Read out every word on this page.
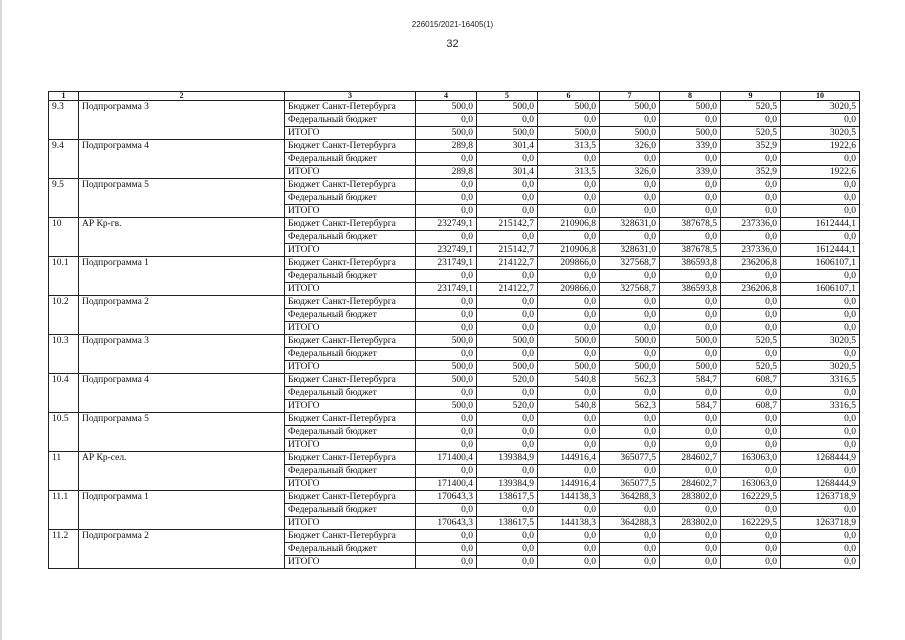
226015/2021-16405(1)
32
1	2	3	4	5	6	7	8	9	10
9.3	Подпрограмма 3	Бюджет Санкт-Петербурга	500,0	500,0	500,0	500,0	500,0	520,5	3020,5
		Федеральный бюджет	0,0	0,0	0,0	0,0	0,0	0,0	0,0
		ИТОГО	500,0	500,0	500,0	500,0	500,0	520,5	3020,5
9.4	Подпрограмма 4	Бюджет Санкт-Петербурга	289,8	301,4	313,5	326,0	339,0	352,9	1922,6
		Федеральный бюджет	0,0	0,0	0,0	0,0	0,0	0,0	0,0
		ИТОГО	289,8	301,4	313,5	326,0	339,0	352,9	1922,6
9.5	Подпрограмма 5	Бюджет Санкт-Петербурга	0,0	0,0	0,0	0,0	0,0	0,0	0,0
		Федеральный бюджет	0,0	0,0	0,0	0,0	0,0	0,0	0,0
		ИТОГО	0,0	0,0	0,0	0,0	0,0	0,0	0,0
10	АР Кр-гв.	Бюджет Санкт-Петербурга	232749,1	215142,7	210906,8	328631,0	387678,5	237336,0	1612444,1
		Федеральный бюджет	0,0	0,0	0,0	0,0	0,0	0,0	0,0
		ИТОГО	232749,1	215142,7	210906,8	328631,0	387678,5	237336,0	1612444,1
10.1	Подпрограмма 1	Бюджет Санкт-Петербурга	231749,1	214122,7	209866,0	327568,7	386593,8	236206,8	1606107,1
		Федеральный бюджет	0,0	0,0	0,0	0,0	0,0	0,0	0,0
		ИТОГО	231749,1	214122,7	209866,0	327568,7	386593,8	236206,8	1606107,1
10.2	Подпрограмма 2	Бюджет Санкт-Петербурга	0,0	0,0	0,0	0,0	0,0	0,0	0,0
		Федеральный бюджет	0,0	0,0	0,0	0,0	0,0	0,0	0,0
		ИТОГО	0,0	0,0	0,0	0,0	0,0	0,0	0,0
10.3	Подпрограмма 3	Бюджет Санкт-Петербурга	500,0	500,0	500,0	500,0	500,0	520,5	3020,5
		Федеральный бюджет	0,0	0,0	0,0	0,0	0,0	0,0	0,0
		ИТОГО	500,0	500,0	500,0	500,0	500,0	520,5	3020,5
10.4	Подпрограмма 4	Бюджет Санкт-Петербурга	500,0	520,0	540,8	562,3	584,7	608,7	3316,5
		Федеральный бюджет	0,0	0,0	0,0	0,0	0,0	0,0	0,0
		ИТОГО	500,0	520,0	540,8	562,3	584,7	608,7	3316,5
10.5	Подпрограмма 5	Бюджет Санкт-Петербурга	0,0	0,0	0,0	0,0	0,0	0,0	0,0
		Федеральный бюджет	0,0	0,0	0,0	0,0	0,0	0,0	0,0
		ИТОГО	0,0	0,0	0,0	0,0	0,0	0,0	0,0
11	АР Кр-сел.	Бюджет Санкт-Петербурга	171400,4	139384,9	144916,4	365077,5	284602,7	163063,0	1268444,9
		Федеральный бюджет	0,0	0,0	0,0	0,0	0,0	0,0	0,0
		ИТОГО	171400,4	139384,9	144916,4	365077,5	284602,7	163063,0	1268444,9
11.1	Подпрограмма 1	Бюджет Санкт-Петербурга	170643,3	138617,5	144138,3	364288,3	283802,0	162229,5	1263718,9
		Федеральный бюджет	0,0	0,0	0,0	0,0	0,0	0,0	0,0
		ИТОГО	170643,3	138617,5	144138,3	364288,3	283802,0	162229,5	1263718,9
11.2	Подпрограмма 2	Бюджет Санкт-Петербурга	0,0	0,0	0,0	0,0	0,0	0,0	0,0
		Федеральный бюджет	0,0	0,0	0,0	0,0	0,0	0,0	0,0
		ИТОГО	0,0	0,0	0,0	0,0	0,0	0,0	0,0
